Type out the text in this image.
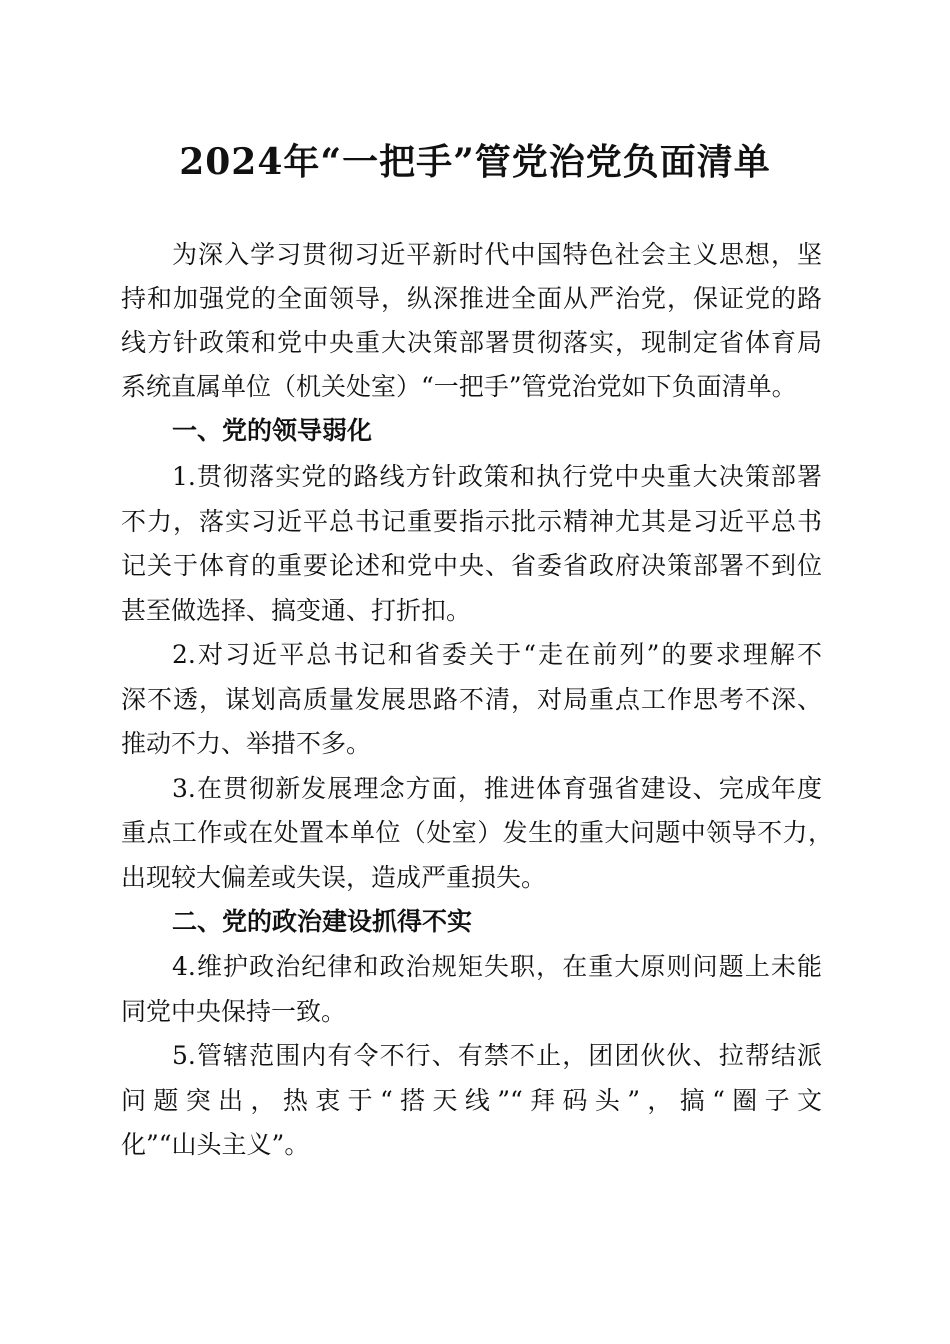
2024年“一把手”管党治党负面清单
为深入学习贯彻习近平新时代中国特色社会主义思想，坚
持和加强党的全面领导，纵深推进全面从严治党，保证党的路
线方针政策和党中央重大决策部署贯彻落实，现制定省体育局
系统直属单位（机关处室）“一把手”管党治党如下负面清单。
一、党的领导弱化
1.贯彻落实党的路线方针政策和执行党中央重大决策部署
不力，落实习近平总书记重要指示批示精神尤其是习近平总书
记关于体育的重要论述和党中央、省委省政府决策部署不到位
甚至做选择、搞变通、打折扣。
2.对习近平总书记和省委关于“走在前列”的要求理解不
深不透，谋划高质量发展思路不清，对局重点工作思考不深、
推动不力、举措不多。
3.在贯彻新发展理念方面，推进体育强省建设、完成年度
重点工作或在处置本单位（处室）发生的重大问题中领导不力，
出现较大偏差或失误，造成严重损失。
二、党的政治建设抓得不实
4.维护政治纪律和政治规矩失职，在重大原则问题上未能
同党中央保持一致。
5.管辖范围内有令不行、有禁不止，团团伙伙、拉帮结派
问题突出，热衷于“搭天线”“拜码头”，搞“圈子文
化”“山头主义”。
